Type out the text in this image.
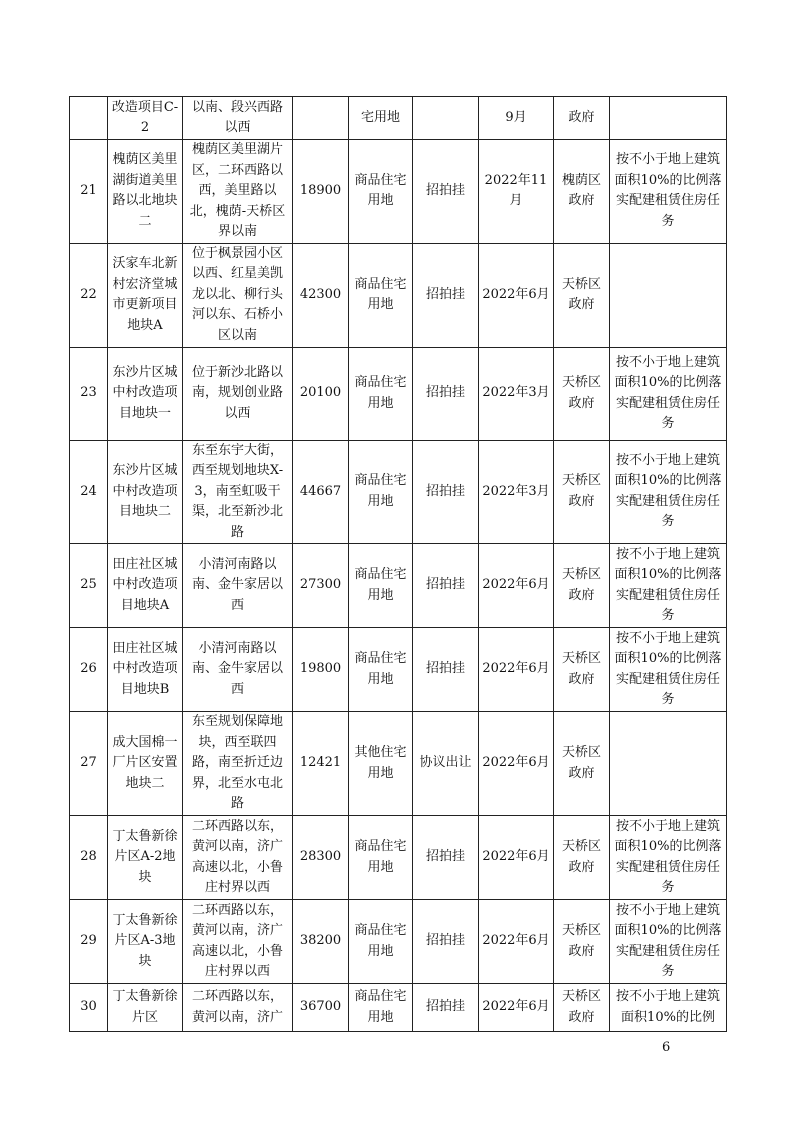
	改造项目C-2	以南、段兴西路以西		宅用地		9月	政府	
21	槐荫区美里湖街道美里路以北地块二	槐荫区美里湖片区，二环西路以西，美里路以北，槐荫-天桥区界以南	18900	商品住宅用地	招拍挂	2022年11月	槐荫区政府	按不小于地上建筑面积10%的比例落实配建租赁住房任务
22	沃家车北新村宏济堂城市更新项目地块A	位于枫景园小区以西、红星美凯龙以北、柳行头河以东、石桥小区以南	42300	商品住宅用地	招拍挂	2022年6月	天桥区政府	
23	东沙片区城中村改造项目地块一	位于新沙北路以南，规划创业路以西	20100	商品住宅用地	招拍挂	2022年3月	天桥区政府	按不小于地上建筑面积10%的比例落实配建租赁住房任务
24	东沙片区城中村改造项目地块二	东至东宇大街，西至规划地块X-3，南至虹吸干渠，北至新沙北路	44667	商品住宅用地	招拍挂	2022年3月	天桥区政府	按不小于地上建筑面积10%的比例落实配建租赁住房任务
25	田庄社区城中村改造项目地块A	小清河南路以南、金牛家居以西	27300	商品住宅用地	招拍挂	2022年6月	天桥区政府	按不小于地上建筑面积10%的比例落实配建租赁住房任务
26	田庄社区城中村改造项目地块B	小清河南路以南、金牛家居以西	19800	商品住宅用地	招拍挂	2022年6月	天桥区政府	按不小于地上建筑面积10%的比例落实配建租赁住房任务
27	成大国棉一厂片区安置地块二	东至规划保障地块，西至联四路，南至折迁边界，北至水屯北路	12421	其他住宅用地	协议出让	2022年6月	天桥区政府	
28	丁太鲁新徐片区A-2地块	二环西路以东，黄河以南，济广高速以北，小鲁庄村界以西	28300	商品住宅用地	招拍挂	2022年6月	天桥区政府	按不小于地上建筑面积10%的比例落实配建租赁住房任务
29	丁太鲁新徐片区A-3地块	二环西路以东，黄河以南，济广高速以北，小鲁庄村界以西	38200	商品住宅用地	招拍挂	2022年6月	天桥区政府	按不小于地上建筑面积10%的比例落实配建租赁住房任务
30	丁太鲁新徐片区	二环西路以东，黄河以南，济广	36700	商品住宅用地	招拍挂	2022年6月	天桥区政府	按不小于地上建筑面积10%的比例
6
